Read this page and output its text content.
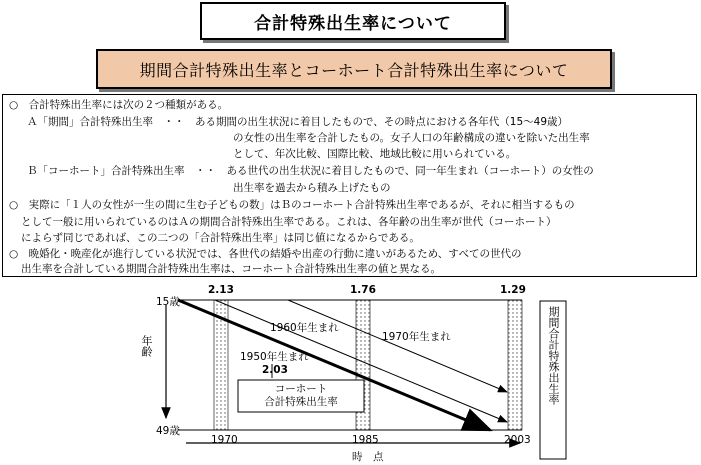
合計特殊出生率について
期間合計特殊出生率とコーホート合計特殊出生率について
○　合計特殊出生率には次の２つ種類がある。
Ａ「期間」合計特殊出生率　・・　ある期間の出生状況に着目したもので、その時点における各年代（15～49歳）
の女性の出生率を合計したもの。女子人口の年齢構成の違いを除いた出生率
として、年次比較、国際比較、地域比較に用いられている。
Ｂ「コーホート」合計特殊出生率　・・　ある世代の出生状況に着目したもので、同一年生まれ（コーホート）の女性の
出生率を過去から積み上げたもの
○　実際に「１人の女性が一生の間に生む子どもの数」はＢのコーホート合計特殊出生率であるが、それに相当するもの
として一般に用いられているのはＡの期間合計特殊出生率である。これは、各年齢の出生率が世代（コーホート）
によらず同じであれば、この二つの「合計特殊出生率」は同じ値になるからである。
○　晩婚化・晩産化が進行している状況では、各世代の結婚や出産の行動に違いがあるため、すべての世代の
出生率を合計している期間合計特殊出生率は、コーホート合計特殊出生率の値と異なる。
15歳
49歳
年齢
2.13	1.76	1.29
1960年生まれ
1970年生まれ
1950年生まれ
2.03
コーホート
合計特殊出生率
1970	1985	2003
時　点
期間合計特殊出生率
